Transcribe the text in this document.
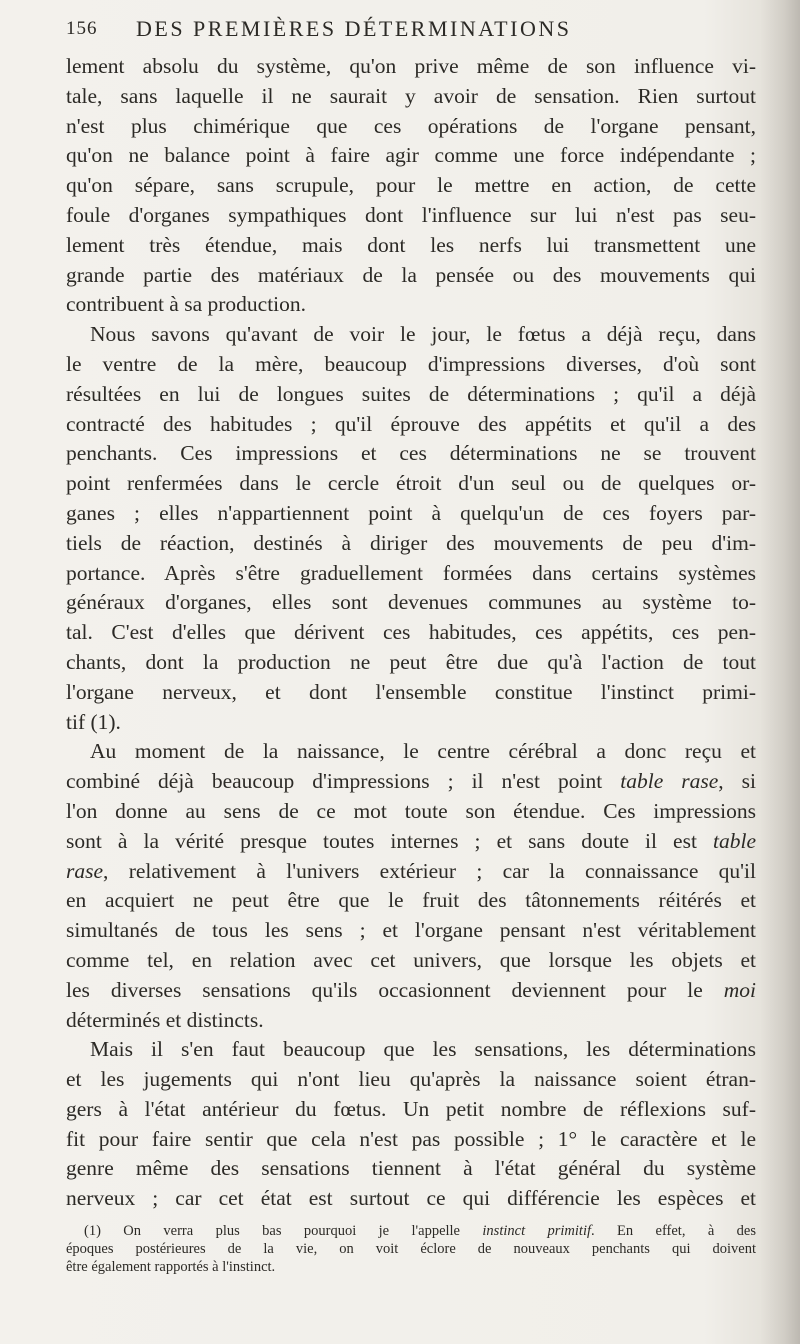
156 DES PREMIÈRES DÉTERMINATIONS
lement absolu du système, qu'on prive même de son influence vi-
tale, sans laquelle il ne saurait y avoir de sensation. Rien surtout
n'est plus chimérique que ces opérations de l'organe pensant,
qu'on ne balance point à faire agir comme une force indépendante ;
qu'on sépare, sans scrupule, pour le mettre en action, de cette
foule d'organes sympathiques dont l'influence sur lui n'est pas seu-
lement très étendue, mais dont les nerfs lui transmettent une
grande partie des matériaux de la pensée ou des mouvements qui
contribuent à sa production.
Nous savons qu'avant de voir le jour, le fœtus a déjà reçu, dans
le ventre de la mère, beaucoup d'impressions diverses, d'où sont
résultées en lui de longues suites de déterminations ; qu'il a déjà
contracté des habitudes ; qu'il éprouve des appétits et qu'il a des
penchants. Ces impressions et ces déterminations ne se trouvent
point renfermées dans le cercle étroit d'un seul ou de quelques or-
ganes ; elles n'appartiennent point à quelqu'un de ces foyers par-
tiels de réaction, destinés à diriger des mouvements de peu d'im-
portance. Après s'être graduellement formées dans certains systèmes
généraux d'organes, elles sont devenues communes au système to-
tal. C'est d'elles que dérivent ces habitudes, ces appétits, ces pen-
chants, dont la production ne peut être due qu'à l'action de tout
l'organe nerveux, et dont l'ensemble constitue l'instinct primi-
tif (1).
Au moment de la naissance, le centre cérébral a donc reçu et
combiné déjà beaucoup d'impressions ; il n'est point table rase, si
l'on donne au sens de ce mot toute son étendue. Ces impressions
sont à la vérité presque toutes internes ; et sans doute il est table
rase, relativement à l'univers extérieur ; car la connaissance qu'il
en acquiert ne peut être que le fruit des tâtonnements réitérés et
simultanés de tous les sens ; et l'organe pensant n'est véritablement
comme tel, en relation avec cet univers, que lorsque les objets et
les diverses sensations qu'ils occasionnent deviennent pour le moi
déterminés et distincts.
Mais il s'en faut beaucoup que les sensations, les déterminations
et les jugements qui n'ont lieu qu'après la naissance soient étran-
gers à l'état antérieur du fœtus. Un petit nombre de réflexions suf-
fit pour faire sentir que cela n'est pas possible ; 1° le caractère et le
genre même des sensations tiennent à l'état général du système
nerveux ; car cet état est surtout ce qui différencie les espèces et
(1) On verra plus bas pourquoi je l'appelle instinct primitif. En effet, à des
époques postérieures de la vie, on voit éclore de nouveaux penchants qui doivent
être également rapportés à l'instinct.
